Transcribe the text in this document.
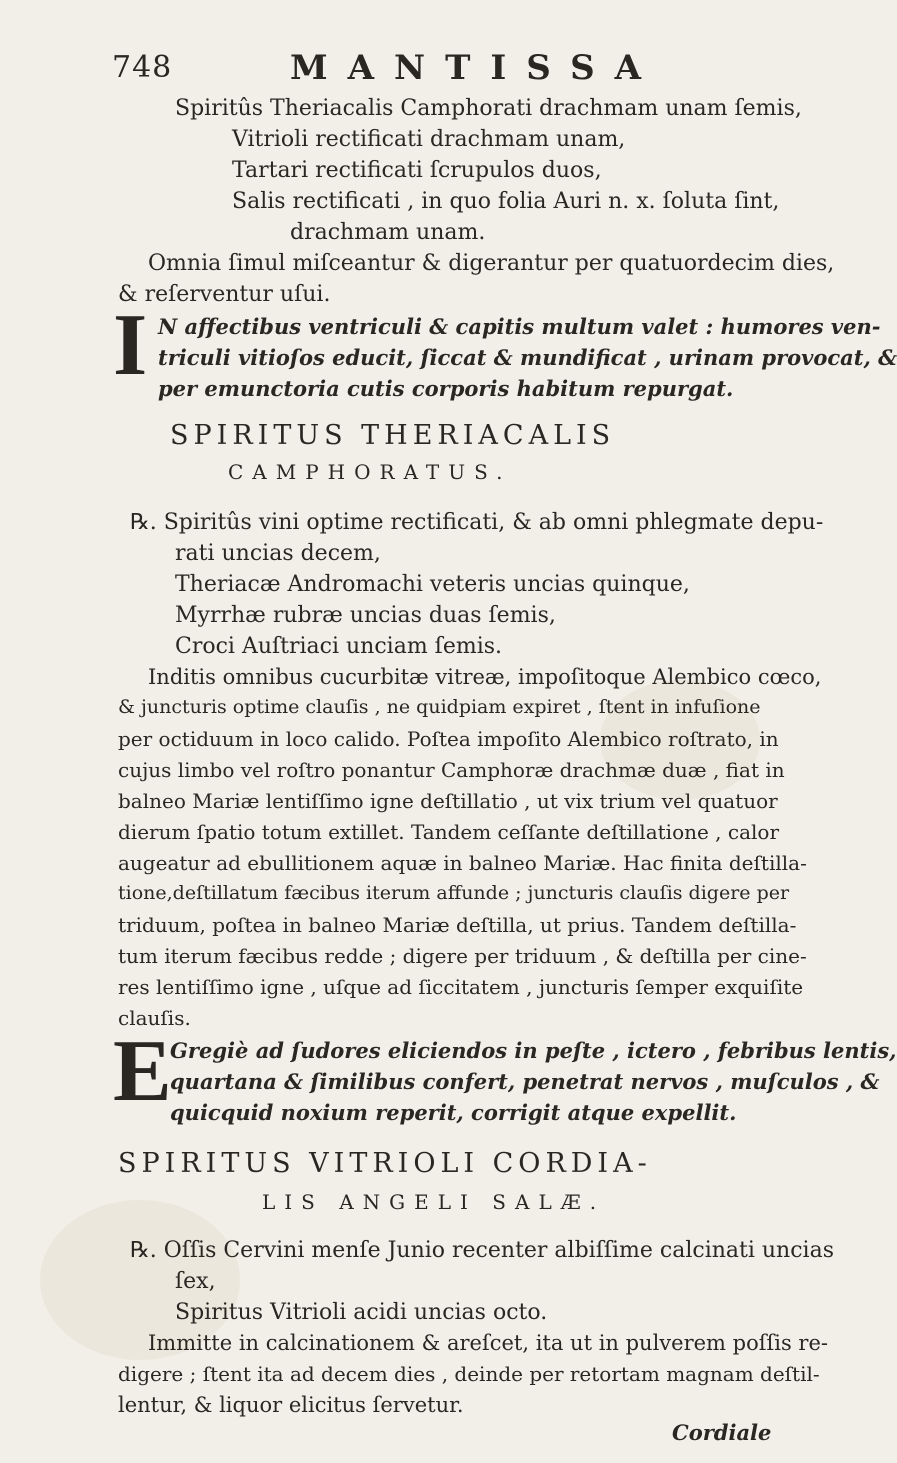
748	MANTISSA
Spiritûs Theriacalis Camphorati drachmam unam ſemis,
Vitrioli rectificati drachmam unam,
Tartari rectificati ſcrupulos duos,
Salis rectificati , in quo folia Auri n. x. ſoluta ſint,
drachmam unam.
Omnia ſimul miſceantur & digerantur per quatuordecim dies,
& reſerventur uſui.
I N affectibus ventriculi & capitis multum valet : humores ven-
triculi vitioſos educit, ſiccat & mundificat , urinam provocat, &
per emunctoria cutis corporis habitum repurgat.
SPIRITUS THERIACALIS
CAMPHORATUS.
℞. Spiritûs vini optime rectificati, & ab omni phlegmate depu-
rati uncias decem,
Theriacæ Andromachi veteris uncias quinque,
Myrrhæ rubræ uncias duas ſemis,
Croci Auſtriaci unciam ſemis.
Inditis omnibus cucurbitæ vitreæ, impoſitoque Alembico cœco,
& juncturis optime clauſis , ne quidpiam expiret , ſtent in infuſione
per octiduum in loco calido. Poſtea impoſito Alembico roſtrato, in
cujus limbo vel roſtro ponantur Camphoræ drachmæ duæ , fiat in
balneo Mariæ lentiſſimo igne deſtillatio , ut vix trium vel quatuor
dierum ſpatio totum extillet. Tandem ceſſante deſtillatione , calor
augeatur ad ebullitionem aquæ in balneo Mariæ. Hac finita deſtilla-
tione,deſtillatum fæcibus iterum affunde ; juncturis clauſis digere per
triduum, poſtea in balneo Mariæ deſtilla, ut prius. Tandem deſtilla-
tum iterum fæcibus redde ; digere per triduum , & deſtilla per cine-
res lentiſſimo igne , uſque ad ſiccitatem , juncturis ſemper exquiſite
clauſis.
E
Gregiè ad ſudores eliciendos in peſte , ictero , febribus lentis,
quartana & ſimilibus confert, penetrat nervos , muſculos , &
quicquid noxium reperit, corrigit atque expellit.
SPIRITUS VITRIOLI CORDIA-
LIS ANGELI SALÆ.
℞. Oſſis Cervini menſe Junio recenter albiſſime calcinati uncias
ſex,
Spiritus Vitrioli acidi uncias octo.
Immitte in calcinationem & areſcet, ita ut in pulverem poſſis re-
digere ; ſtent ita ad decem dies , deinde per retortam magnam deſtil-
lentur, & liquor elicitus ſervetur.
Cordiale
